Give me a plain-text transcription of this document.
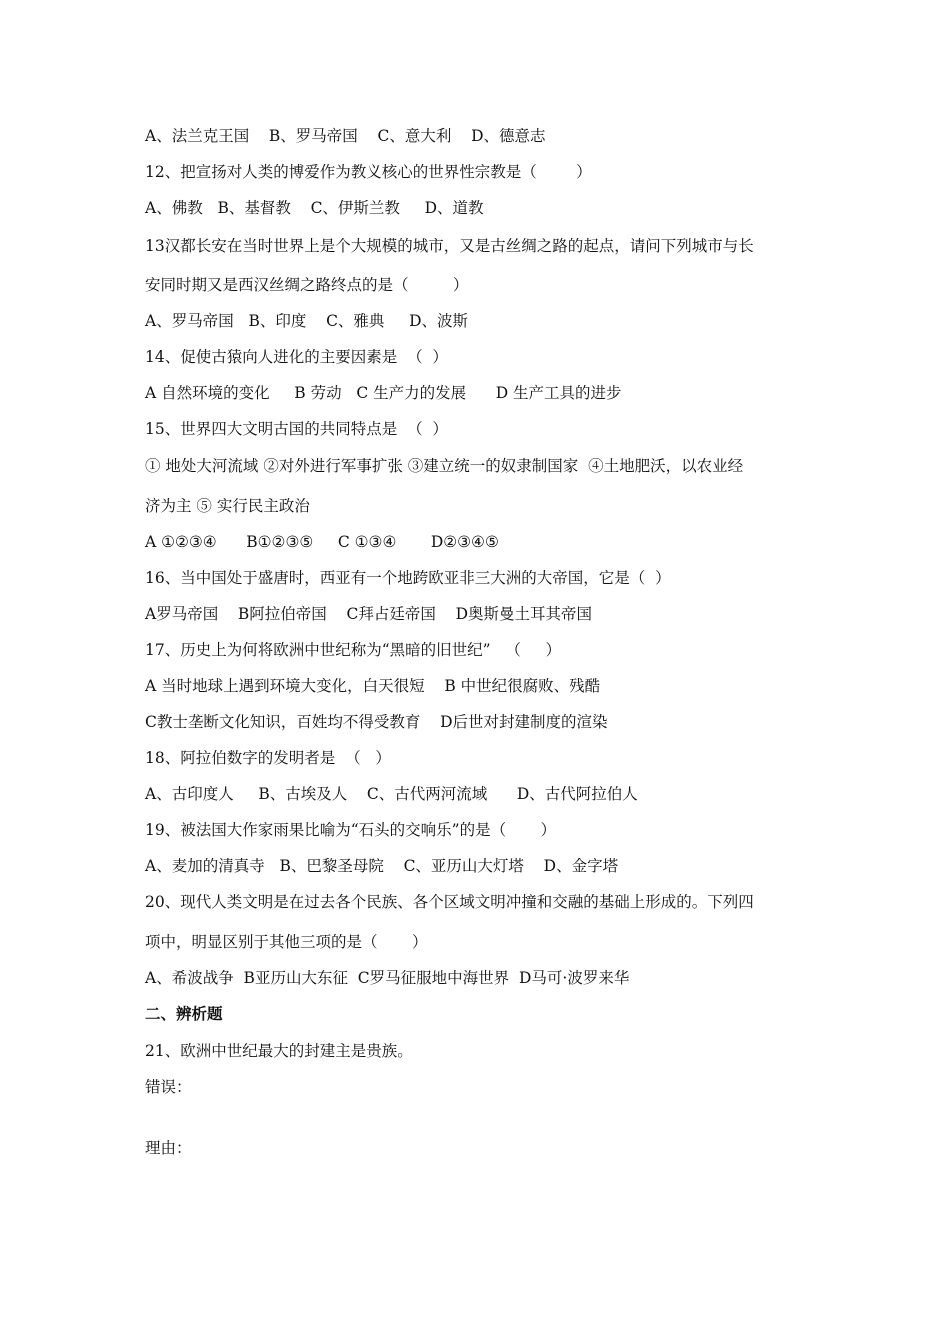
A、法兰克王国    B、罗马帝国    C、意大利    D、德意志
12、把宣扬对人类的博爱作为教义核心的世界性宗教是（        ）
A、佛教   B、基督教    C、伊斯兰教     D、道教
13汉都长安在当时世界上是个大规模的城市，又是古丝绸之路的起点，请问下列城市与长
安同时期又是西汉丝绸之路终点的是（         ）
A、罗马帝国   B、印度    C、雅典     D、波斯
14、促使古猿向人进化的主要因素是  （  ）
A 自然环境的变化     B 劳动   C 生产力的发展      D 生产工具的进步
15、世界四大文明古国的共同特点是  （  ）
① 地处大河流域 ②对外进行军事扩张 ③建立统一的奴隶制国家  ④土地肥沃，以农业经
济为主 ⑤ 实行民主政治
A ①②③④      B①②③⑤     C ①③④       D②③④⑤
16、当中国处于盛唐时，西亚有一个地跨欧亚非三大洲的大帝国，它是（  ）
A罗马帝国    B阿拉伯帝国    C拜占廷帝国    D奥斯曼土耳其帝国
17、历史上为何将欧洲中世纪称为“黑暗的旧世纪”   （     ）
A 当时地球上遇到环境大变化，白天很短    B 中世纪很腐败、残酷
C教士垄断文化知识，百姓均不得受教育    D后世对封建制度的渲染
18、阿拉伯数字的发明者是  （   ）
A、古印度人     B、古埃及人    C、古代两河流域      D、古代阿拉伯人
19、被法国大作家雨果比喻为“石头的交响乐”的是（       ）
A、麦加的清真寺   B、巴黎圣母院    C、亚历山大灯塔    D、金字塔
20、现代人类文明是在过去各个民族、各个区域文明冲撞和交融的基础上形成的。下列四
项中，明显区别于其他三项的是（       ）
A、希波战争  B亚历山大东征  C罗马征服地中海世界  D马可·波罗来华
二、辨析题
21、欧洲中世纪最大的封建主是贵族。
错误：
理由：
